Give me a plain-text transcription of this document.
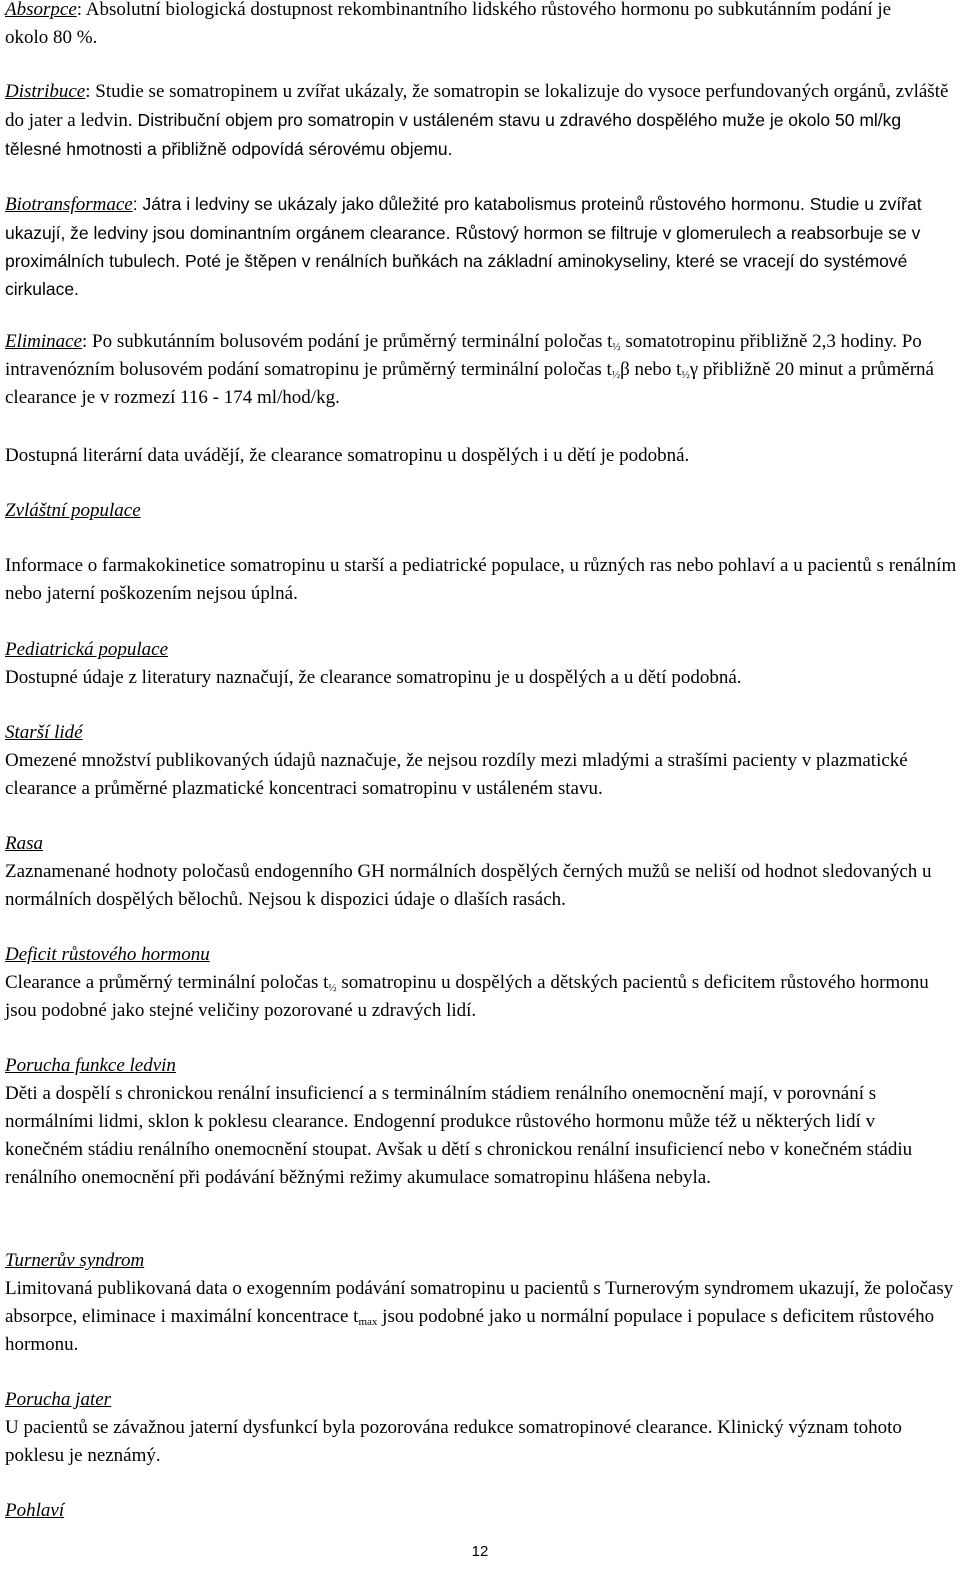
Absorpce: Absolutní biologická dostupnost rekombinantního lidského růstového hormonu po subkutánním podání je okolo 80 %.

Distribuce: Studie se somatropinem u zvířat ukázaly, že somatropin se lokalizuje do vysoce perfundovaných orgánů, zvláště do jater a ledvin. Distribuční objem pro somatropin v ustáleném stavu u zdravého dospělého muže je okolo 50 ml/kg tělesné hmotnosti a přibližně odpovídá sérovému objemu.

Biotransformace: Játra i ledviny se ukázaly jako důležité pro katabolismus proteinů růstového hormonu. Studie u zvířat ukazují, že ledviny jsou dominantním orgánem clearance. Růstový hormon se filtruje v glomerulech a reabsorbuje se v proximálních tubulech. Poté je štěpen v renálních buňkách na základní aminokyseliny, které se vracejí do systémové cirkulace.

Eliminace: Po subkutánním bolusovém podání je průměrný terminální poločas $t_{\frac{1}{2}}$ somatotropinu přibližně 2,3 hodiny. Po intravenózním bolusovém podání somatropinu je průměrný terminální poločas $t_{\frac{1}{2}}\beta$ nebo $t_{\frac{1}{2}}\gamma$ přibližně 20 minut a průměrná clearance je v rozmezí 116 - 174 ml/hod/kg.

Dostupná literární data uvádějí, že clearance somatropinu u dospělých i u dětí je podobná.

Zvláštní populace

Informace o farmakokinetice somatropinu u starší a pediatrické populace, u různých ras nebo pohlaví a u pacientů s renálním nebo jaterní poškozením nejsou úplná.

Pediatrická populace

Dostupné údaje z literatury naznačují, že clearance somatropinu je u dospělých a u dětí podobná.

Starší lidé

Omezené množství publikovaných údajů naznačuje, že nejsou rozdíly mezi mladými a strašími pacienty v plazmatické clearance a průměrné plazmatické koncentraci somatropinu v ustáleném stavu.

Rasa

Zaznamenané hodnoty poločasů endogenního GH normálních dospělých černých mužů se neliší od hodnot sledovaných u normálních dospělých bělochů. Nejsou k dispozici údaje o dlaších rasách.

Deficit růstového hormonu

Clearance a průměrný terminální poločas $t_{\frac{1}{2}}$ somatropinu u dospělých a dětských pacientů s deficitem růstového hormonu jsou podobné jako stejné veličiny pozorované u zdravých lidí.

Porucha funkce ledvin

Děti a dospělí s chronickou renální insuficiencí a s terminálním stádiem renálního onemocnění mají, v porovnání s normálními lidmi, sklon k poklesu clearance. Endogenní produkce růstového hormonu může též u některých lidí v konečném stádiu renálního onemocnění stoupat. Avšak u dětí s chronickou renální insuficiencí nebo v konečném stádiu renálního onemocnění při podávání běžnými režimy akumulace somatropinu hlášena nebyla.

Turnerův syndrom

Limitovaná publikovaná data o exogenním podávání somatropinu u pacientů s Turnerovým syndromem ukazují, že poločasy absorpce, eliminace i maximální koncentrace $t_{max}$ jsou podobné jako u normální populace i populace s deficitem růstového hormonu.

Porucha jater

U pacientů se závažnou jaterní dysfunkcí byla pozorována redukce somatropinové clearance. Klinický význam tohoto poklesu je neznámý.

Pohlaví

12
